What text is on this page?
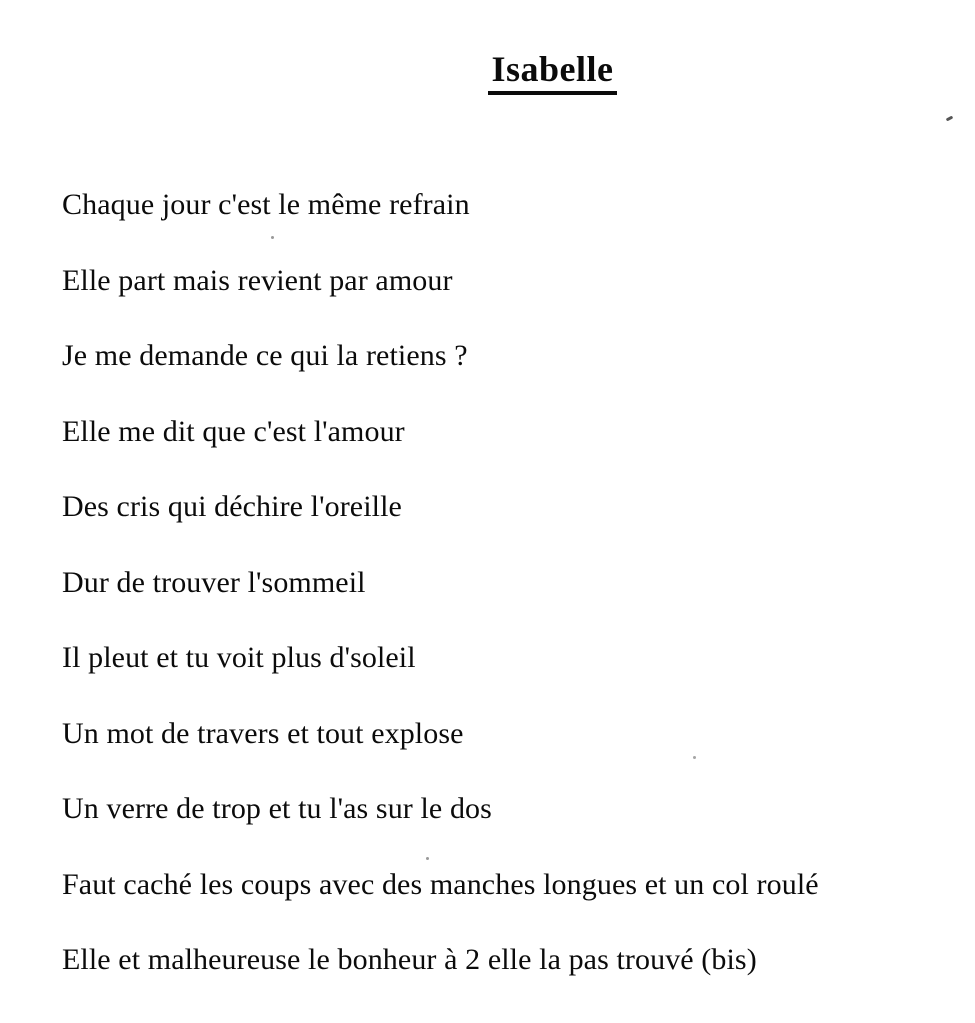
Isabelle

Chaque jour c'est le même refrain

Elle part mais revient par amour

Je me demande ce qui la retiens ?

Elle me dit que c'est l'amour

Des cris qui déchire l'oreille

Dur de trouver l'sommeil

Il pleut et tu voit plus d'soleil

Un mot de travers et tout explose

Un verre de trop et tu l'as sur le dos

Faut caché les coups avec des manches longues et un col roulé

Elle et malheureuse le bonheur à 2 elle la pas trouvé (bis)
